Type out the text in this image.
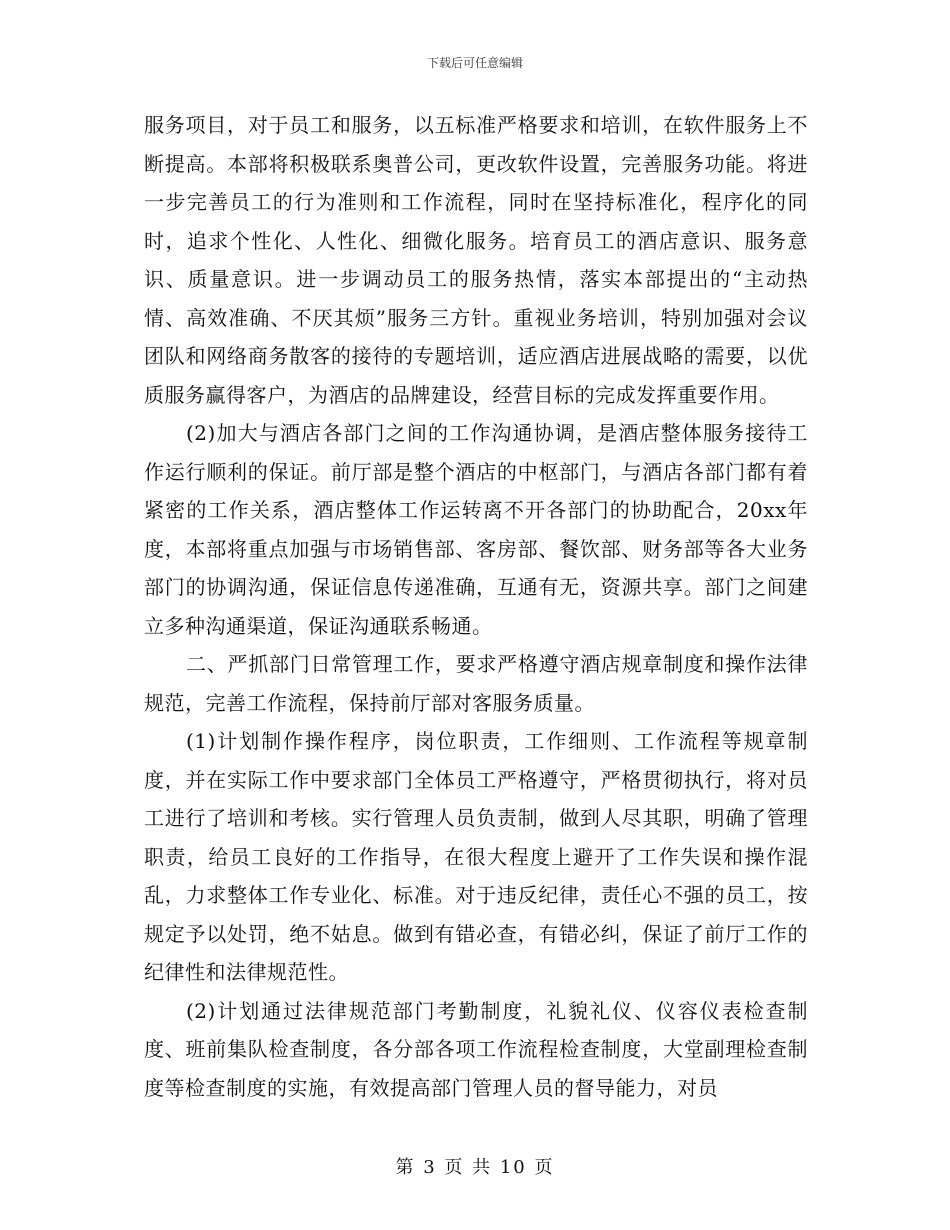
下载后可任意编辑

服务项目，对于员工和服务，以五标准严格要求和培训，在软件服务上不断提高。本部将积极联系奥普公司，更改软件设置，完善服务功能。将进一步完善员工的行为准则和工作流程，同时在坚持标准化，程序化的同时，追求个性化、人性化、细微化服务。培育员工的酒店意识、服务意识、质量意识。进一步调动员工的服务热情，落实本部提出的“主动热情、高效准确、不厌其烦”服务三方针。重视业务培训，特别加强对会议团队和网络商务散客的接待的专题培训，适应酒店进展战略的需要，以优质服务赢得客户，为酒店的品牌建设，经营目标的完成发挥重要作用。

(2)加大与酒店各部门之间的工作沟通协调，是酒店整体服务接待工作运行顺利的保证。前厅部是整个酒店的中枢部门，与酒店各部门都有着紧密的工作关系，酒店整体工作运转离不开各部门的协助配合，20xx年度，本部将重点加强与市场销售部、客房部、餐饮部、财务部等各大业务部门的协调沟通，保证信息传递准确，互通有无，资源共享。部门之间建立多种沟通渠道，保证沟通联系畅通。

二、严抓部门日常管理工作，要求严格遵守酒店规章制度和操作法律规范，完善工作流程，保持前厅部对客服务质量。

(1)计划制作操作程序，岗位职责，工作细则、工作流程等规章制度，并在实际工作中要求部门全体员工严格遵守，严格贯彻执行，将对员工进行了培训和考核。实行管理人员负责制，做到人尽其职，明确了管理职责，给员工良好的工作指导，在很大程度上避开了工作失误和操作混乱，力求整体工作专业化、标准。对于违反纪律，责任心不强的员工，按规定予以处罚，绝不姑息。做到有错必查，有错必纠，保证了前厅工作的纪律性和法律规范性。

(2)计划通过法律规范部门考勤制度，礼貌礼仪、仪容仪表检查制度、班前集队检查制度，各分部各项工作流程检查制度，大堂副理检查制度等检查制度的实施，有效提高部门管理人员的督导能力，对员

第 3 页 共 10 页
